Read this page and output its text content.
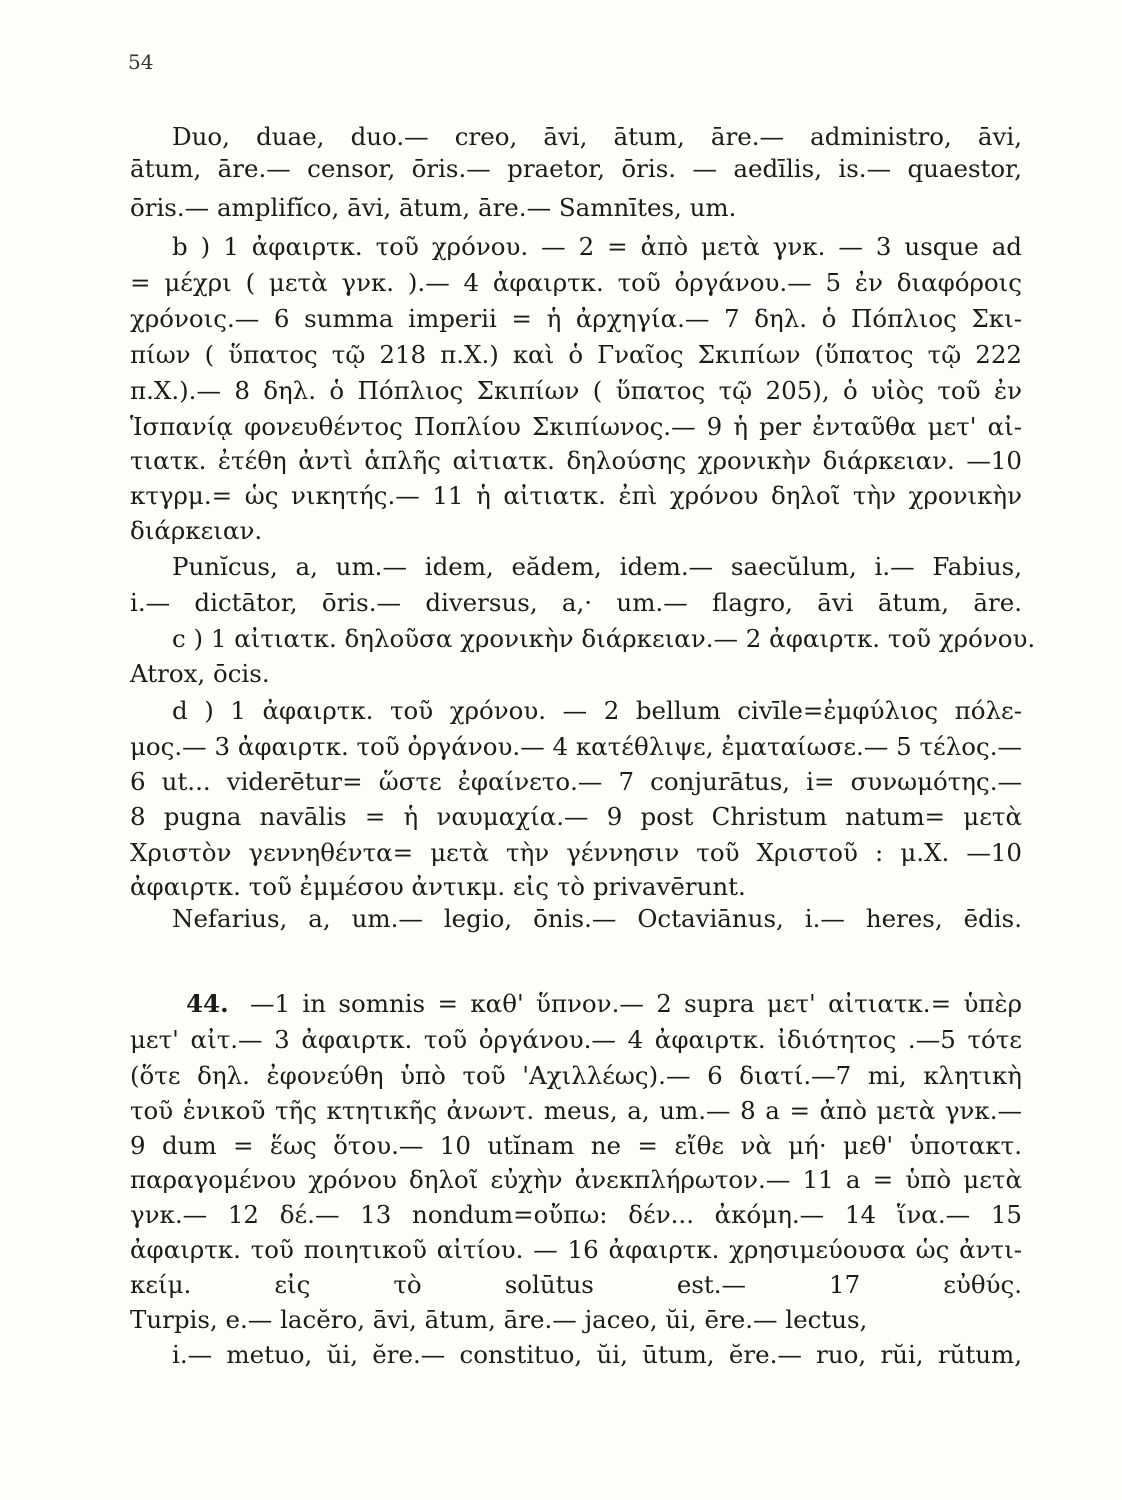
54
Duo, duae, duo.— creo, āvi, ātum, āre.— administro, āvi,
ātum, āre.— censor, ōris.— praetor, ōris. — aedīlis, is.— quaestor,
ōris.— amplifĭco, āvi, ātum, āre.— Samnītes, um.
b ) 1 ἀφαιρτκ. τοῦ χρόνου. — 2 = ἀπὸ μετὰ γνκ. — 3 usque ad
= μέχρι ( μετὰ γνκ. ).— 4 ἀφαιρτκ. τοῦ ὀργάνου.— 5 ἐν διαφόροις
χρόνοις.— 6 summa imperii = ἡ ἀρχηγία.— 7 δηλ. ὁ Πόπλιος Σκι-
πίων ( ὕπατος τῷ 218 π.Χ.) καὶ ὁ Γναῖος Σκιπίων (ὕπατος τῷ 222
π.Χ.).— 8 δηλ. ὁ Πόπλιος Σκιπίων ( ὕπατος τῷ 205), ὁ υἱὸς τοῦ ἐν
Ἱσπανίᾳ φονευθέντος Ποπλίου Σκιπίωνος.— 9 ἡ per ἐνταῦθα μετ' αἰ-
τιατκ. ἐτέθη ἀντὶ ἁπλῆς αἰτιατκ. δηλούσης χρονικὴν διάρκειαν. —10
κτγρμ.= ὡς νικητής.— 11 ἡ αἰτιατκ. ἐπὶ χρόνου δηλοῖ τὴν χρονικὴν
διάρκειαν.
Punĭcus, a, um.— idem, eădem, idem.— saecŭlum, i.— Fabius,
i.— dictātor, ōris.— diversus, a,· um.— flagro, āvi ātum, āre.
c ) 1 αἰτιατκ. δηλοῦσα χρονικὴν διάρκειαν.— 2 ἀφαιρτκ. τοῦ χρόνου.
Atrox, ōcis.
d ) 1 ἀφαιρτκ. τοῦ χρόνου. — 2 bellum civīle=ἐμφύλιος πόλε-
μος.— 3 ἀφαιρτκ. τοῦ ὀργάνου.— 4 κατέθλιψε, ἐματαίωσε.— 5 τέλος.—
6 ut... viderētur= ὥστε ἐφαίνετο.— 7 conjurātus, i= συνωμότης.—
8 pugna navālis = ἡ ναυμαχία.— 9 post Christum natum= μετὰ
Χριστὸν γεννηθέντα= μετὰ τὴν γέννησιν τοῦ Χριστοῦ : μ.Χ. —10
ἀφαιρτκ. τοῦ ἐμμέσου ἀντικμ. εἰς τὸ privavērunt.
Nefarius, a, um.— legio, ōnis.— Octaviānus, i.— heres, ēdis.
44. —1 in somnis = καθ' ὕπνον.— 2 supra μετ' αἰτιατκ.= ὑπὲρ
μετ' αἰτ.— 3 ἀφαιρτκ. τοῦ ὀργάνου.— 4 ἀφαιρτκ. ἰδιότητος .—5 τότε
(ὅτε δηλ. ἐφονεύθη ὑπὸ τοῦ 'Αχιλλέως).— 6 διατί.—7 mi, κλητικὴ
τοῦ ἑνικοῦ τῆς κτητικῆς ἀνωντ. meus, a, um.— 8 a = ἀπὸ μετὰ γνκ.—
9 dum = ἕως ὅτου.— 10 utĭnam ne = εἴθε νὰ μή· μεθ' ὑποτακτ.
παραγομένου χρόνου δηλοῖ εὐχὴν ἀνεκπλήρωτον.— 11 a = ὑπὸ μετὰ
γνκ.— 12 δέ.— 13 nondum=οὔπω: δέν... ἀκόμη.— 14 ἵνα.— 15
ἀφαιρτκ. τοῦ ποιητικοῦ αἰτίου. — 16 ἀφαιρτκ. χρησιμεύουσα ὡς ἀντι-
κείμ. εἰς τὸ solūtus est.— 17 εὐθύς.
Turpis, e.— lacĕro, āvi, ātum, āre.— jaceo, ŭi, ēre.— lectus,
i.— metuo, ŭi, ĕre.— constituo, ŭi, ūtum, ĕre.— ruo, rŭi, rŭtum,
